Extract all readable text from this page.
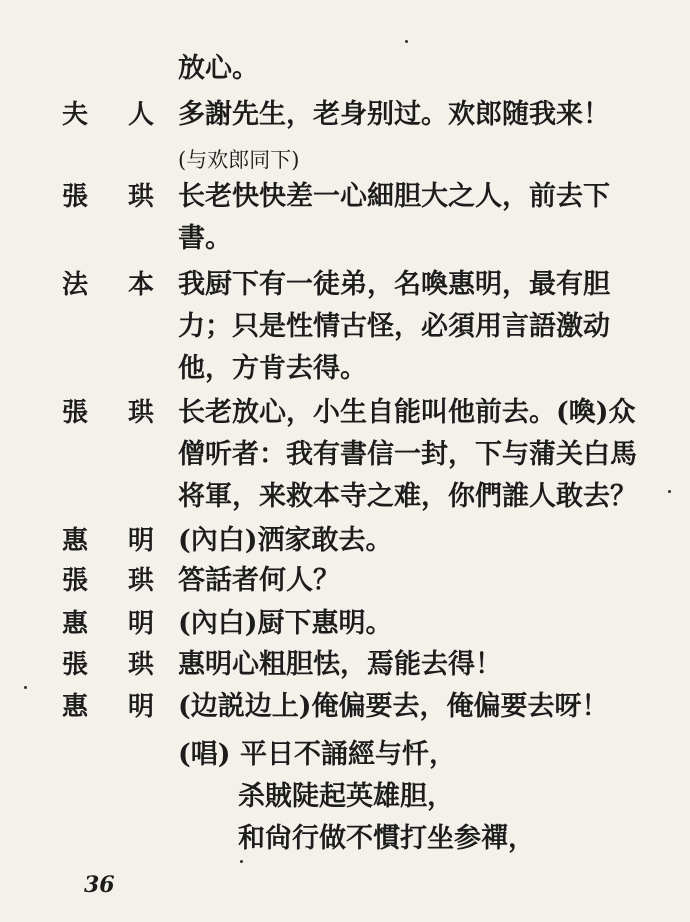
放心。
夫 人 多謝先生，老身别过。欢郎随我来！
(与欢郎同下)
張 珙 长老快快差一心細胆大之人，前去下
書。
法 本 我厨下有一徒弟，名喚惠明，最有胆
力；只是性情古怪，必須用言語激动
他，方肯去得。
張 珙 长老放心，小生自能叫他前去。(喚)众
僧听者：我有書信一封，下与蒲关白馬
将軍，来救本寺之难，你們誰人敢去？
惠 明 (內白)洒家敢去。
張 珙 答話者何人？
惠 明 (內白)厨下惠明。
張 珙 惠明心粗胆怯，焉能去得！
惠 明 (边説边上)俺偏要去，俺偏要去呀！
(唱) 平日不誦經与忏，
杀賊陡起英雄胆，
和尙行做不慣打坐参禪，
36
